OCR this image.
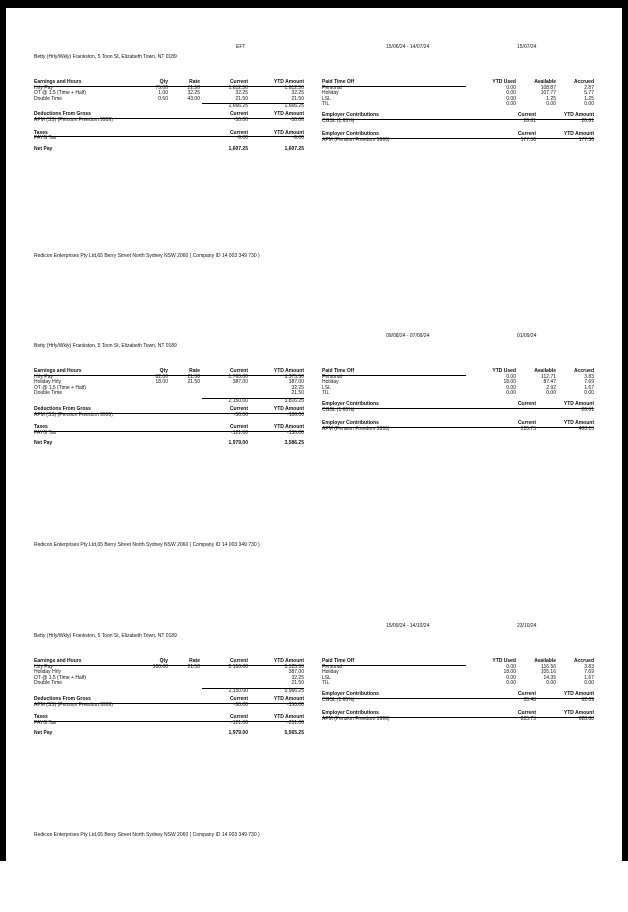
EFT	15/06/24 - 14/07/24	15/07/24
Betty (Hrly/Wkly) Frankston, 5 Toon St, Elizabeth Town, NT 0189
Earnings and Hours	Qty	Rate	Current	YTD Amount
Hrly Pay	75.00	21.50	1,612.50	1,612.50
OT @ 1.5 (Time + Half)	1.00	32.25	32.25	32.25
Double Time	0.50	43.00	21.50	21.50
1,666.25	1,666.25
Deductions From Gross	Current	YTD Amount
APM (SS) (Pension Freedom 9999)	-50.00	-50.00
Taxes	Current	YTD Amount
PAYG Tax	-9.00	-9.00
Net Pay	1,607.25	1,607.25
Paid Time Off	YTD Used	Available	Accrued
Personal	0.00	108.87	2.87
Holiday	0.00	107.77	5.77
LSL	0.00	1.25	1.25
TIL	0.00	0.00	0.00
Employer Contributions	Current	YTD Amount
CGSL (1.65%)	26.61	26.61
Employer Contributions	Current	YTD Amount
APM (Pension Freedom 9999)	177.36	177.36
Redicon Enterprises Pty Ltd,65 Berry Street North Sydney NSW 2060 ( Company ID 14 003 349 730 )
09/08/24 - 07/09/24	01/09/24
Betty (Hrly/Wkly) Frankston, 5 Toon St, Elizabeth Town, NT 0189
Earnings and Hours	Qty	Rate	Current	YTD Amount
Hrly Pay	82.00	21.50	1,763.00	3,375.50
Holiday Hrly	18.00	21.50	387.00	387.00
OT @ 1.5 (Time + Half)				32.25
Double Time				21.50
2,150.00	3,816.25
Deductions From Gross	Current	YTD Amount
APM (SS) (Pension Freedom 9999)	-50.00	-100.00
Taxes	Current	YTD Amount
PAYG Tax	-121.00	-130.00
Net Pay	1,979.00	3,586.25
Paid Time Off	YTD Used	Available	Accrued
Personal	0.00	112.71	3.83
Holiday	18.00	87.47	7.69
LSL	0.00	2.92	1.67
TIL	0.00	0.00	0.00
Employer Contributions	Current	YTD Amount
CGSL (1.65%)		26.61
Employer Contributions	Current	YTD Amount
APM (Pension Freedom 9999)	225.75	403.13
Redicon Enterprises Pty Ltd,65 Berry Street North Sydney NSW 2060 ( Company ID 14 003 349 730 )
15/09/24 - 14/10/24	23/10/24
Betty (Hrly/Wkly) Frankston, 5 Toon St, Elizabeth Town, NT 0189
Earnings and Hours	Qty	Rate	Current	YTD Amount
Hrly Pay	100.00	21.50	2,150.00	5,525.50
Holiday Hrly				387.00
OT @ 1.5 (Time + Half)				32.25
Double Time				21.50
2,150.00	5,966.25
Deductions From Gross	Current	YTD Amount
APM (SS) (Pension Freedom 9999)	-50.00	-150.00
Taxes	Current	YTD Amount
PAYG Tax	-121.00	-251.00
Net Pay	1,979.00	5,565.25
Paid Time Off	YTD Used	Available	Accrued
Personal	0.00	116.56	3.83
Holiday	18.00	105.16	7.69
LSL	0.00	14.35	1.67
TIL	0.00	0.00	0.00
Employer Contributions	Current	YTD Amount
CGSL (1.65%)	35.48	62.09
Employer Contributions	Current	YTD Amount
APM (Pension Freedom 9999)	225.75	628.88
Redicon Enterprises Pty Ltd,65 Berry Street North Sydney NSW 2060 ( Company ID 14 003 349 730 )
